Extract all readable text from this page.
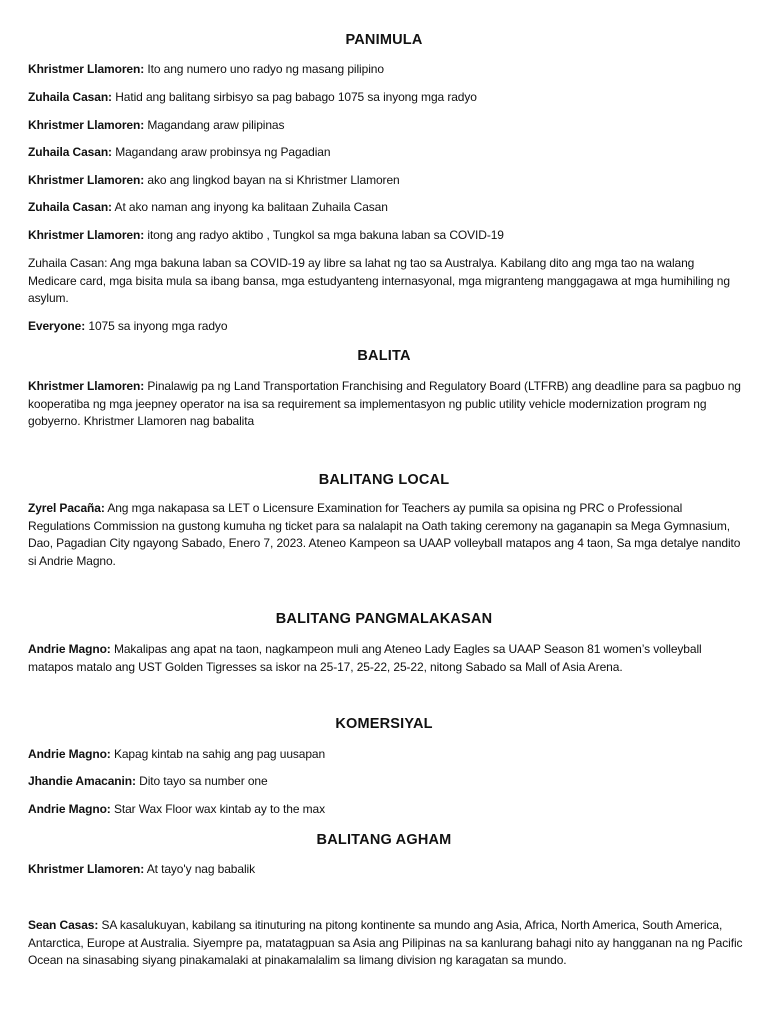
PANIMULA
Khristmer Llamoren: Ito ang numero uno radyo ng masang pilipino
Zuhaila Casan: Hatid ang balitang sirbisyo sa pag babago 1075 sa inyong mga radyo
Khristmer Llamoren: Magandang araw pilipinas
Zuhaila Casan: Magandang araw probinsya ng Pagadian
Khristmer Llamoren: ako ang lingkod bayan na si Khristmer Llamoren
Zuhaila Casan: At ako naman ang inyong ka balitaan Zuhaila Casan
Khristmer Llamoren: itong ang radyo aktibo , Tungkol sa mga bakuna laban sa COVID-19
Zuhaila Casan: Ang mga bakuna laban sa COVID-19 ay libre sa lahat ng tao sa Australya. Kabilang dito ang mga tao na walang Medicare card, mga bisita mula sa ibang bansa, mga estudyanteng internasyonal, mga migranteng manggagawa at mga humihiling ng asylum.
Everyone: 1075 sa inyong mga radyo
BALITA
Khristmer Llamoren: Pinalawig pa ng Land Transportation Franchising and Regulatory Board (LTFRB) ang deadline para sa pagbuo ng kooperatiba ng mga jeepney operator na isa sa requirement sa implementasyon ng public utility vehicle modernization program ng gobyerno. Khristmer Llamoren nag babalita
BALITANG LOCAL
Zyrel Pacaña: Ang mga nakapasa sa LET o Licensure Examination for Teachers ay pumila sa opisina ng PRC o Professional Regulations Commission na gustong kumuha ng ticket para sa nalalapit na Oath taking ceremony na gaganapin sa Mega Gymnasium, Dao, Pagadian City ngayong Sabado, Enero 7, 2023. Ateneo Kampeon sa UAAP volleyball matapos ang 4 taon, Sa mga detalye nandito si Andrie Magno.
BALITANG PANGMALAKASAN
Andrie Magno: Makalipas ang apat na taon, nagkampeon muli ang Ateneo Lady Eagles sa UAAP Season 81 women’s volleyball matapos matalo ang UST Golden Tigresses sa iskor na 25-17, 25-22, 25-22, nitong Sabado sa Mall of Asia Arena.
KOMERSIYAL
Andrie Magno: Kapag kintab na sahig ang pag uusapan
Jhandie Amacanin: Dito tayo sa number one
Andrie Magno: Star Wax Floor wax kintab ay to the max
BALITANG AGHAM
Khristmer Llamoren: At tayo'y nag babalik
Sean Casas: SA kasalukuyan, kabilang sa itinuturing na pitong kontinente sa mundo ang Asia, Africa, North America, South America, Antarctica, Europe at Australia. Siyempre pa, matatagpuan sa Asia ang Pilipinas na sa kanlurang bahagi nito ay hangganan na ng Pacific Ocean na sinasabing siyang pinakamalaki at pinakamalalim sa limang division ng karagatan sa mundo.
